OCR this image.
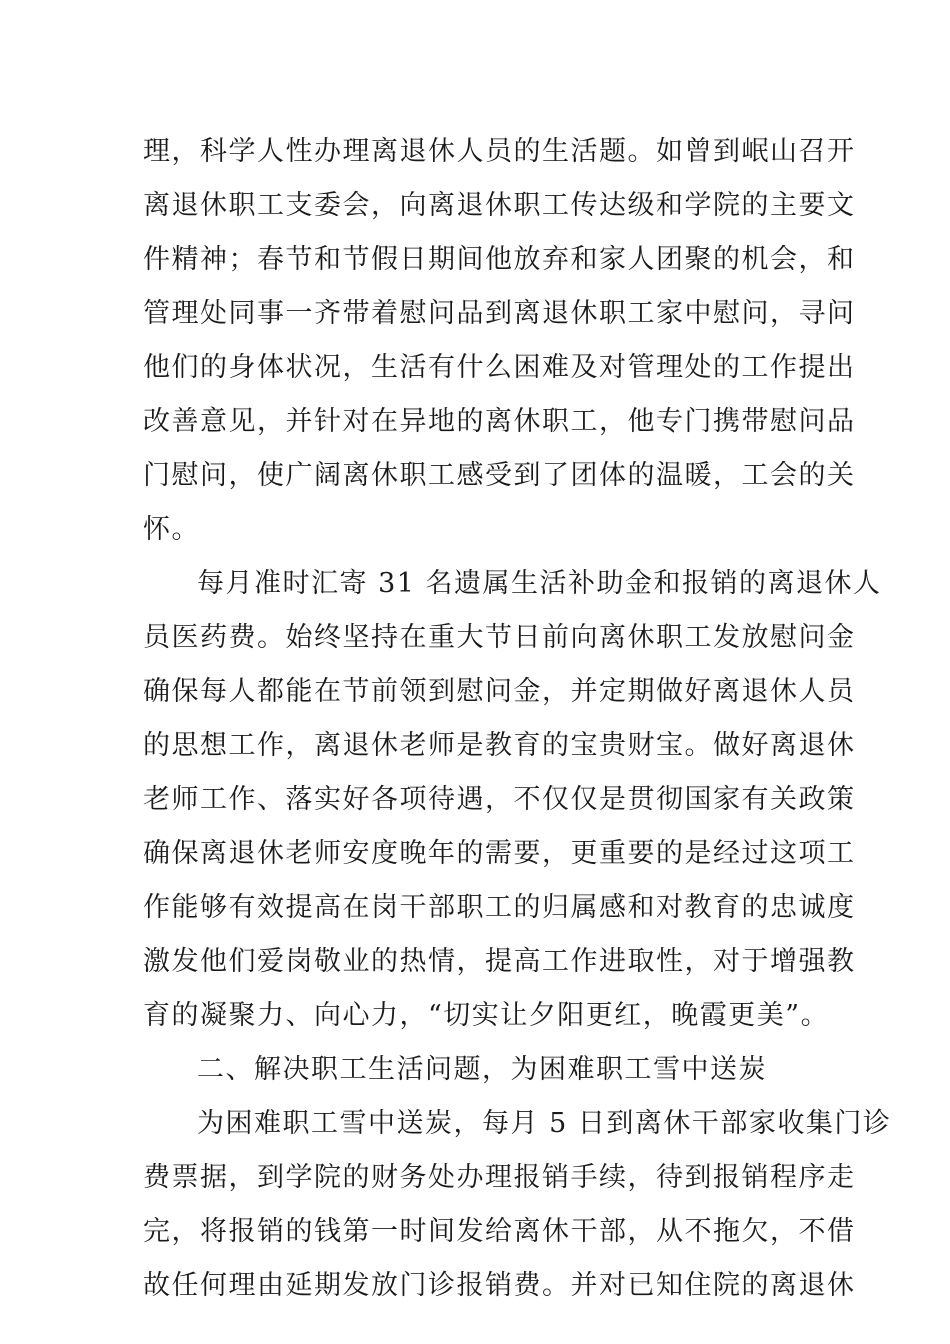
理，科学人性办理离退休人员的生活题。如曾到岷山召开
离退休职工支委会，向离退休职工传达级和学院的主要文
件精神；春节和节假日期间他放弃和家人团聚的机会，和
管理处同事一齐带着慰问品到离退休职工家中慰问，寻问
他们的身体状况，生活有什么困难及对管理处的工作提出
改善意见，并针对在异地的离休职工，他专门携带慰问品
门慰问，使广阔离休职工感受到了团体的温暖，工会的关
怀。
每月准时汇寄 31 名遗属生活补助金和报销的离退休人
员医药费。始终坚持在重大节日前向离休职工发放慰问金
确保每人都能在节前领到慰问金，并定期做好离退休人员
的思想工作，离退休老师是教育的宝贵财宝。做好离退休
老师工作、落实好各项待遇，不仅仅是贯彻国家有关政策
确保离退休老师安度晚年的需要，更重要的是经过这项工
作能够有效提高在岗干部职工的归属感和对教育的忠诚度
激发他们爱岗敬业的热情，提高工作进取性，对于增强教
育的凝聚力、向心力，“切实让夕阳更红，晚霞更美”。
二、解决职工生活问题，为困难职工雪中送炭
为困难职工雪中送炭，每月 5 日到离休干部家收集门诊
费票据，到学院的财务处办理报销手续，待到报销程序走
完，将报销的钱第一时间发给离休干部，从不拖欠，不借
故任何理由延期发放门诊报销费。并对已知住院的离退休
